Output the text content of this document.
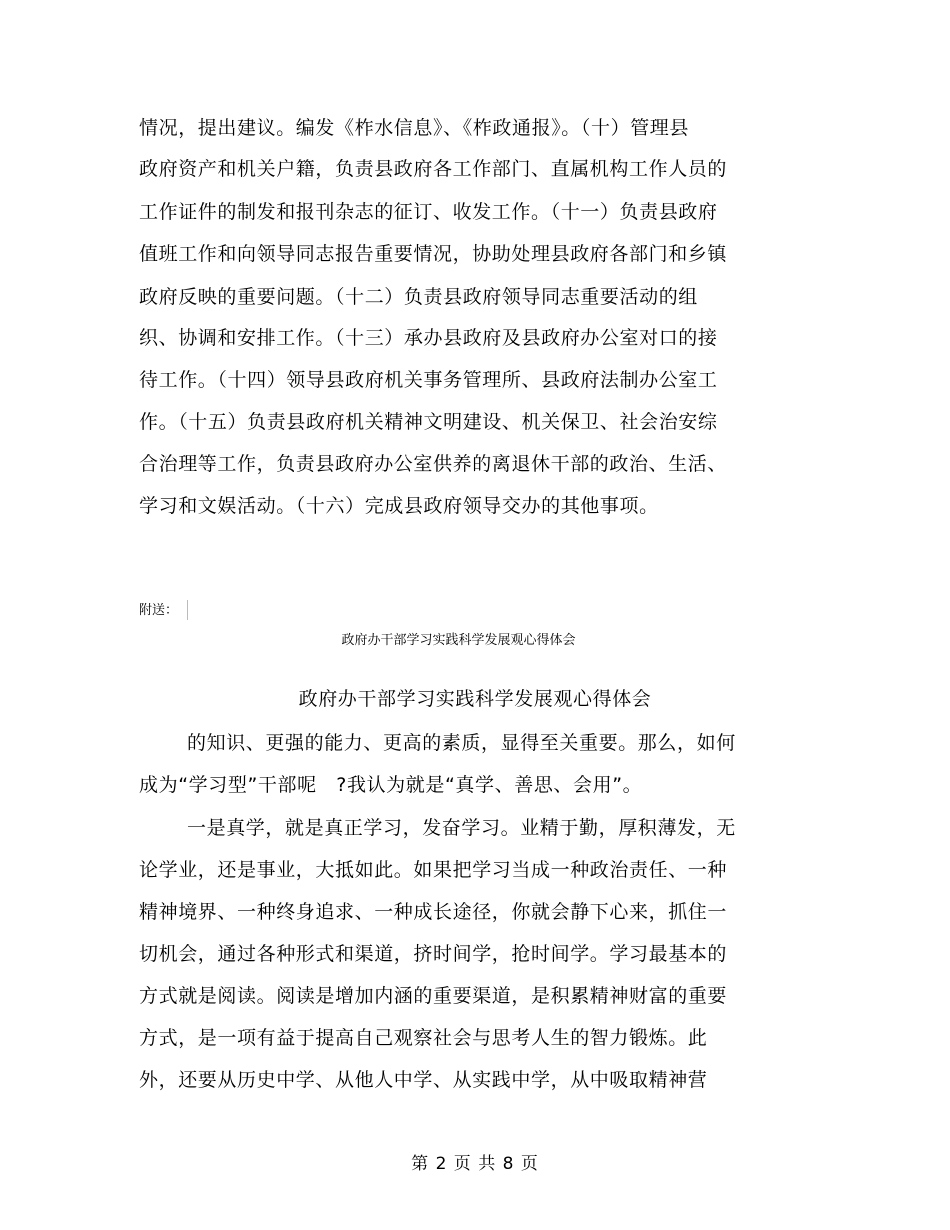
情况，提出建议。编发《柞水信息》、《柞政通报》。（十）管理县
政府资产和机关户籍，负责县政府各工作部门、直属机构工作人员的
工作证件的制发和报刊杂志的征订、收发工作。（十一）负责县政府
值班工作和向领导同志报告重要情况，协助处理县政府各部门和乡镇
政府反映的重要问题。（十二）负责县政府领导同志重要活动的组
织、协调和安排工作。（十三）承办县政府及县政府办公室对口的接
待工作。（十四）领导县政府机关事务管理所、县政府法制办公室工
作。（十五）负责县政府机关精神文明建设、机关保卫、社会治安综
合治理等工作，负责县政府办公室供养的离退休干部的政治、生活、
学习和文娱活动。（十六）完成县政府领导交办的其他事项。
附送：
政府办干部学习实践科学发展观心得体会
政府办干部学习实践科学发展观心得体会
的知识、更强的能力、更高的素质，显得至关重要。那么，如何
成为“学习型”干部呢　?我认为就是“真学、善思、会用”。
一是真学，就是真正学习，发奋学习。业精于勤，厚积薄发，无
论学业，还是事业，大抵如此。如果把学习当成一种政治责任、一种
精神境界、一种终身追求、一种成长途径，你就会静下心来，抓住一
切机会，通过各种形式和渠道，挤时间学，抢时间学。学习最基本的
方式就是阅读。阅读是增加内涵的重要渠道，是积累精神财富的重要
方式，是一项有益于提高自己观察社会与思考人生的智力锻炼。此
外，还要从历史中学、从他人中学、从实践中学，从中吸取精神营
第 2 页 共 8 页
